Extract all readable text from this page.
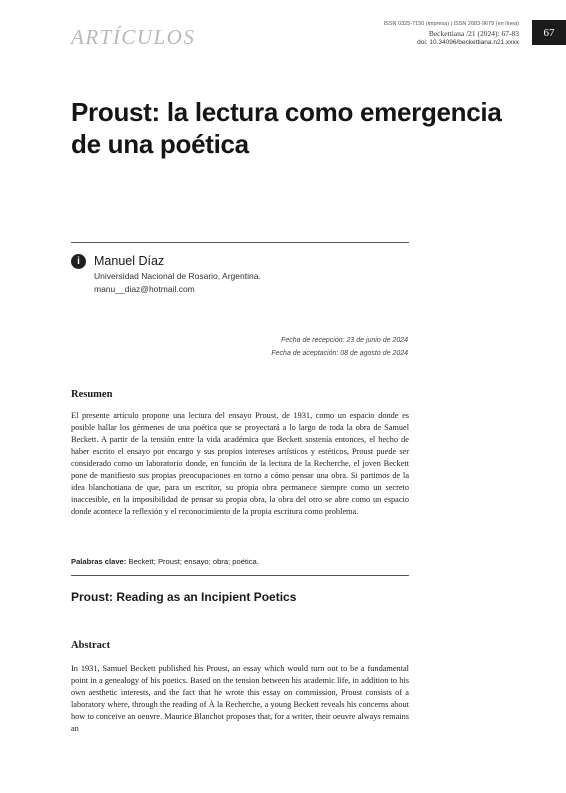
ARTÍCULOS
ISSN 0325-7150 (impresa) | ISSN 2683-9679 (en línea)
Beckettiana /21 (2024): 67-83
doi: 10.34096/beckettiana.n21.xxxx
67
Proust: la lectura como emergencia
de una poética
i	Manuel Díaz
Universidad Nacional de Rosario, Argentina.
manu__diaz@hotmail.com
Fecha de recepción: 23 de junio de 2024
Fecha de aceptación: 08 de agosto de 2024
Resumen

El presente artículo propone una lectura del ensayo Proust, de 1931, como un espacio donde es posible hallar los gérmenes de una poética que se proyectará a lo largo de toda la obra de Samuel Beckett. A partir de la tensión entre la vida académica que Beckett sostenía entonces, el hecho de haber escrito el ensayo por encargo y sus propios intereses artísticos y estéticos, Proust puede ser considerado como un laboratorio donde, en función de la lectura de la Recherche, el joven Beckett pone de manifiesto sus propias preocupaciones en torno a cómo pensar una obra. Si partimos de la idea blanchotiana de que, para un escritor, su propia obra permanece siempre como un secreto inaccesible, en la imposibilidad de pensar su propia obra, la obra del otro se abre como un espacio donde acontece la reflexión y el reconocimiento de la propia escritura como problema.

Palabras clave: Beckett; Proust; ensayo; obra; poética.
Proust: Reading as an Incipient Poetics
Abstract

In 1931, Samuel Beckett published his Proust, an essay which would turn out to be a fundamental point in a genealogy of his poetics. Based on the tension between his academic life, in addition to his own aesthetic interests, and the fact that he wrote this essay on commission, Proust consists of a laboratory where, through the reading of À la Recherche, a young Beckett reveals his concerns about how to conceive an oeuvre. Maurice Blanchot proposes that, for a writer, their oeuvre always remains an
